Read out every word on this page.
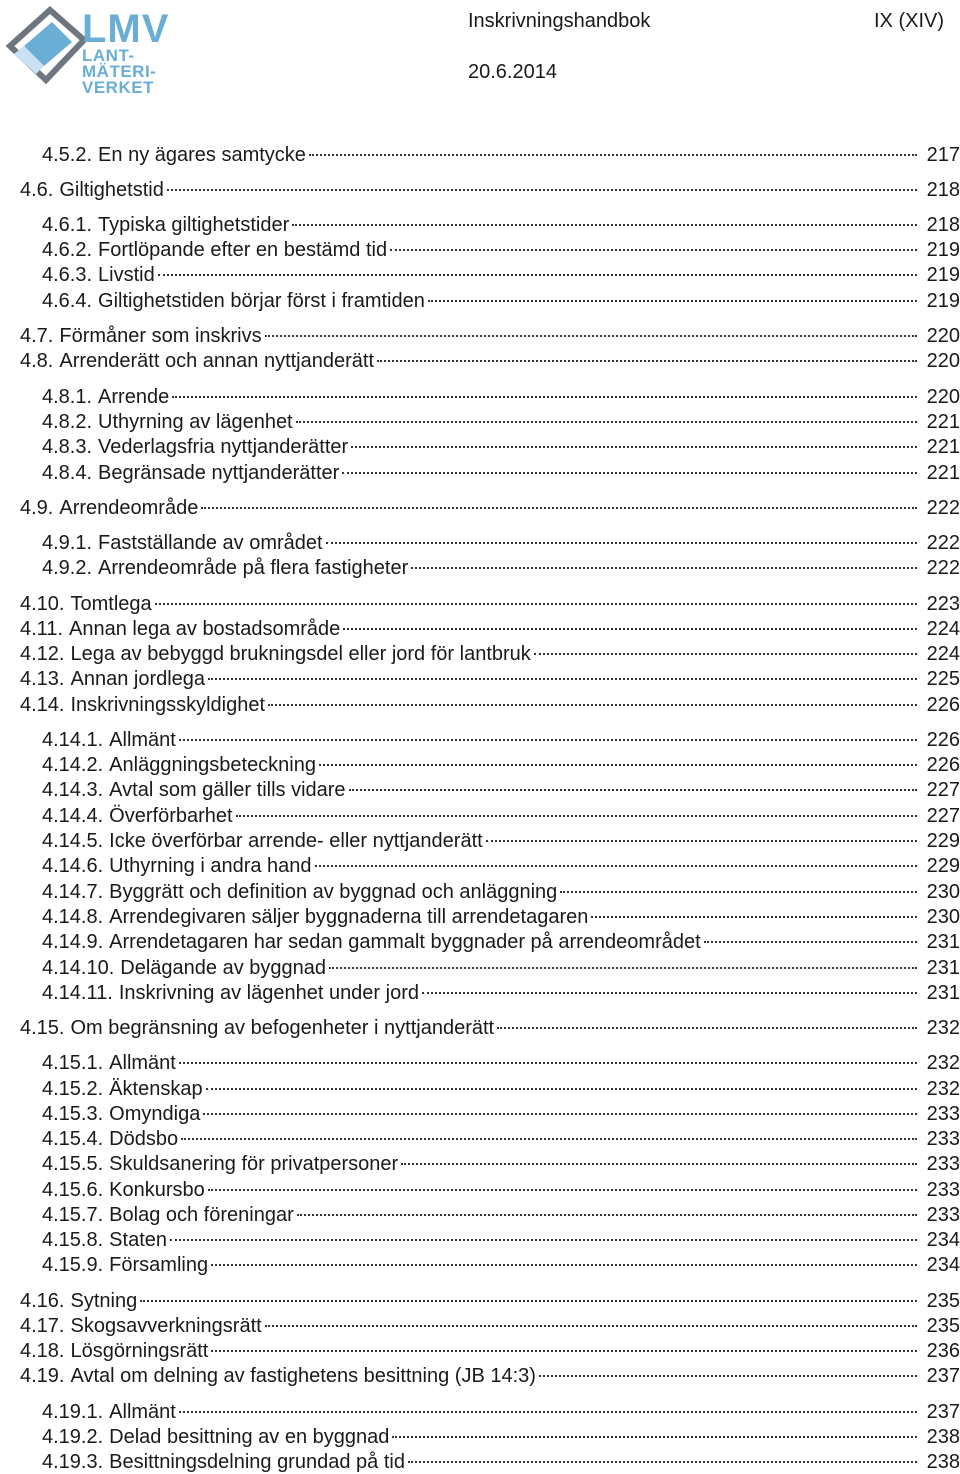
LMV
LANT-
MÄTERI-
VERKET
Inskrivningshandbok
20.6.2014
IX (XIV)
4.5.2. En ny ägares samtycke	217
4.6. Giltighetstid	218
4.6.1. Typiska giltighetstider	218
4.6.2. Fortlöpande efter en bestämd tid	219
4.6.3. Livstid	219
4.6.4. Giltighetstiden börjar först i framtiden	219
4.7. Förmåner som inskrivs	220
4.8. Arrenderätt och annan nyttjanderätt	220
4.8.1. Arrende	220
4.8.2. Uthyrning av lägenhet	221
4.8.3. Vederlagsfria nyttjanderätter	221
4.8.4. Begränsade nyttjanderätter	221
4.9. Arrendeområde	222
4.9.1. Fastställande av området	222
4.9.2. Arrendeområde på flera fastigheter	222
4.10. Tomtlega	223
4.11. Annan lega av bostadsområde	224
4.12. Lega av bebyggd brukningsdel eller jord för lantbruk	224
4.13. Annan jordlega	225
4.14. Inskrivningsskyldighet	226
4.14.1. Allmänt	226
4.14.2. Anläggningsbeteckning	226
4.14.3. Avtal som gäller tills vidare	227
4.14.4. Överförbarhet	227
4.14.5. Icke överförbar arrende- eller nyttjanderätt	229
4.14.6. Uthyrning i andra hand	229
4.14.7. Byggrätt och definition av byggnad och anläggning	230
4.14.8. Arrendegivaren säljer byggnaderna till arrendetagaren	230
4.14.9. Arrendetagaren har sedan gammalt byggnader på arrendeområdet	231
4.14.10. Delägande av byggnad	231
4.14.11. Inskrivning av lägenhet under jord	231
4.15. Om begränsning av befogenheter i nyttjanderätt	232
4.15.1. Allmänt	232
4.15.2. Äktenskap	232
4.15.3. Omyndiga	233
4.15.4. Dödsbo	233
4.15.5. Skuldsanering för privatpersoner	233
4.15.6. Konkursbo	233
4.15.7. Bolag och föreningar	233
4.15.8. Staten	234
4.15.9. Församling	234
4.16. Sytning	235
4.17. Skogsavverkningsrätt	235
4.18. Lösgörningsrätt	236
4.19. Avtal om delning av fastighetens besittning (JB 14:3)	237
4.19.1. Allmänt	237
4.19.2. Delad besittning av en byggnad	238
4.19.3. Besittningsdelning grundad på tid	238
